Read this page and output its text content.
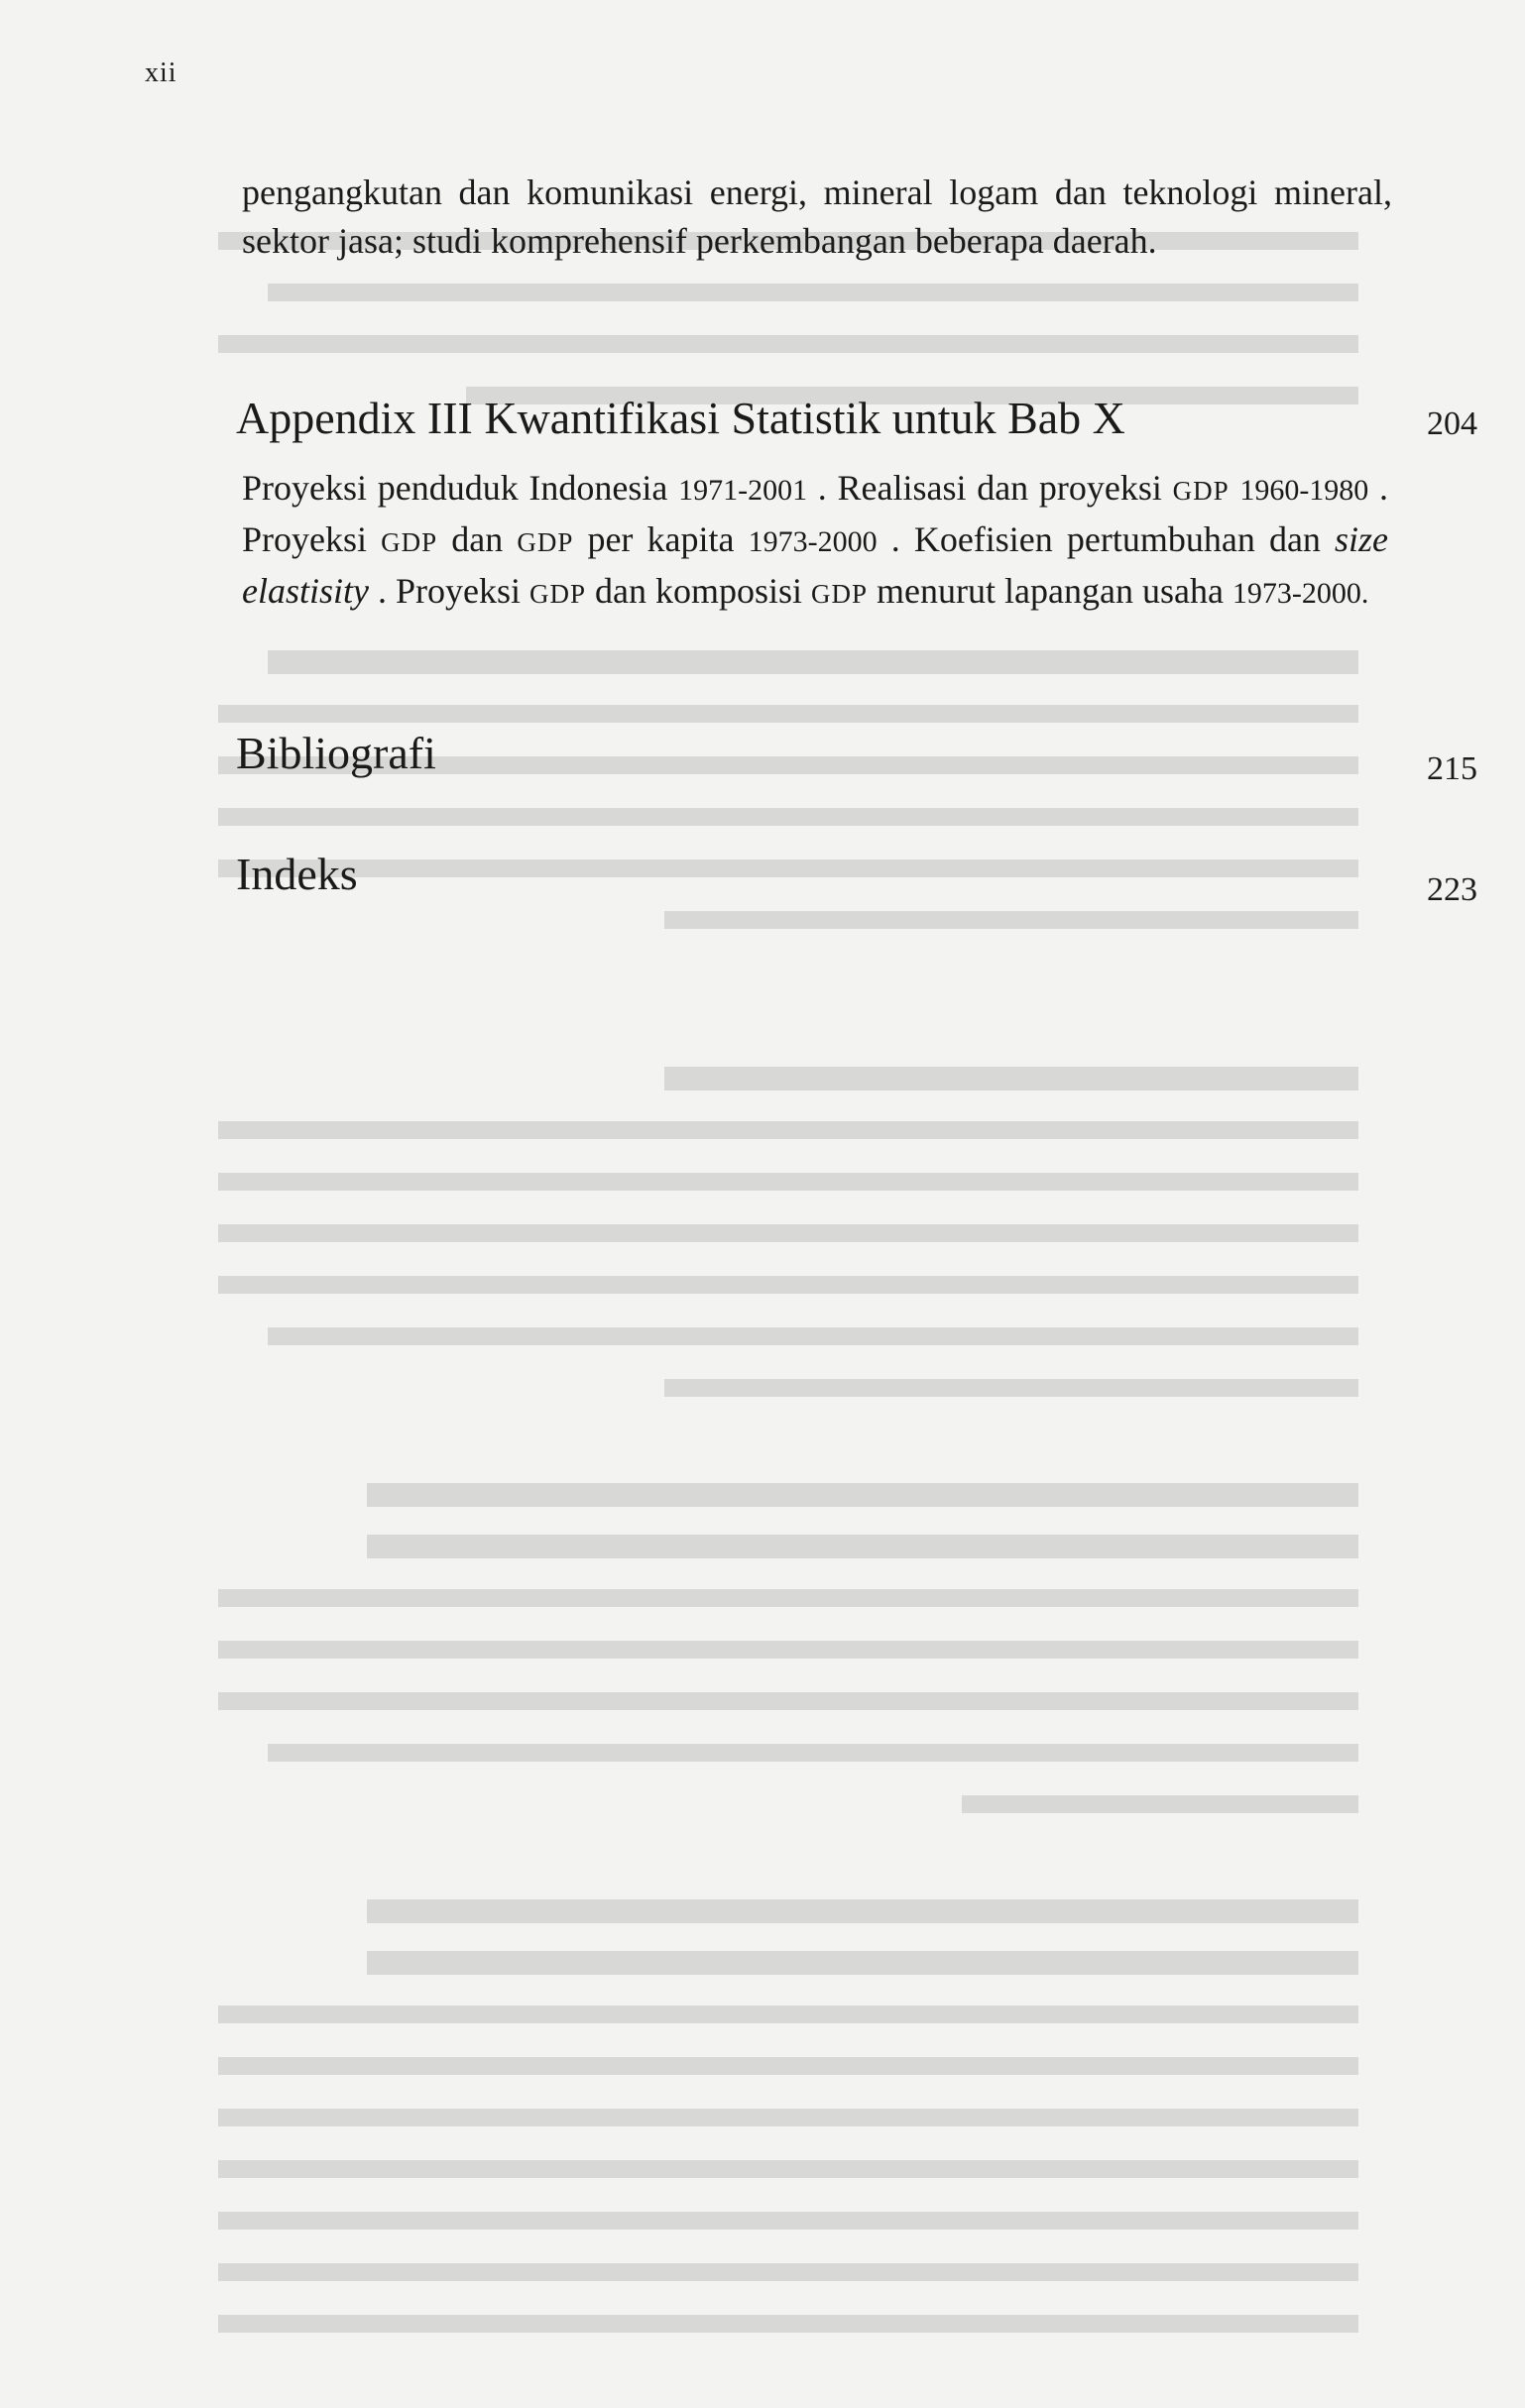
xii

pengangkutan dan komunikasi energi, mineral logam dan teknologi mineral, sektor jasa; studi komprehensif perkembangan beberapa daerah.

Appendix III Kwantifikasi Statistik untuk Bab X	204

Proyeksi penduduk Indonesia 1971-2001 . Realisasi dan proyeksi GDP 1960-1980 . Proyeksi GDP dan GDP per kapita 1973-2000 . Koefisien pertumbuhan dan size elastisity . Proyeksi GDP dan komposisi GDP menurut lapangan usaha 1973-2000.

Bibliografi	215
Indeks	223
